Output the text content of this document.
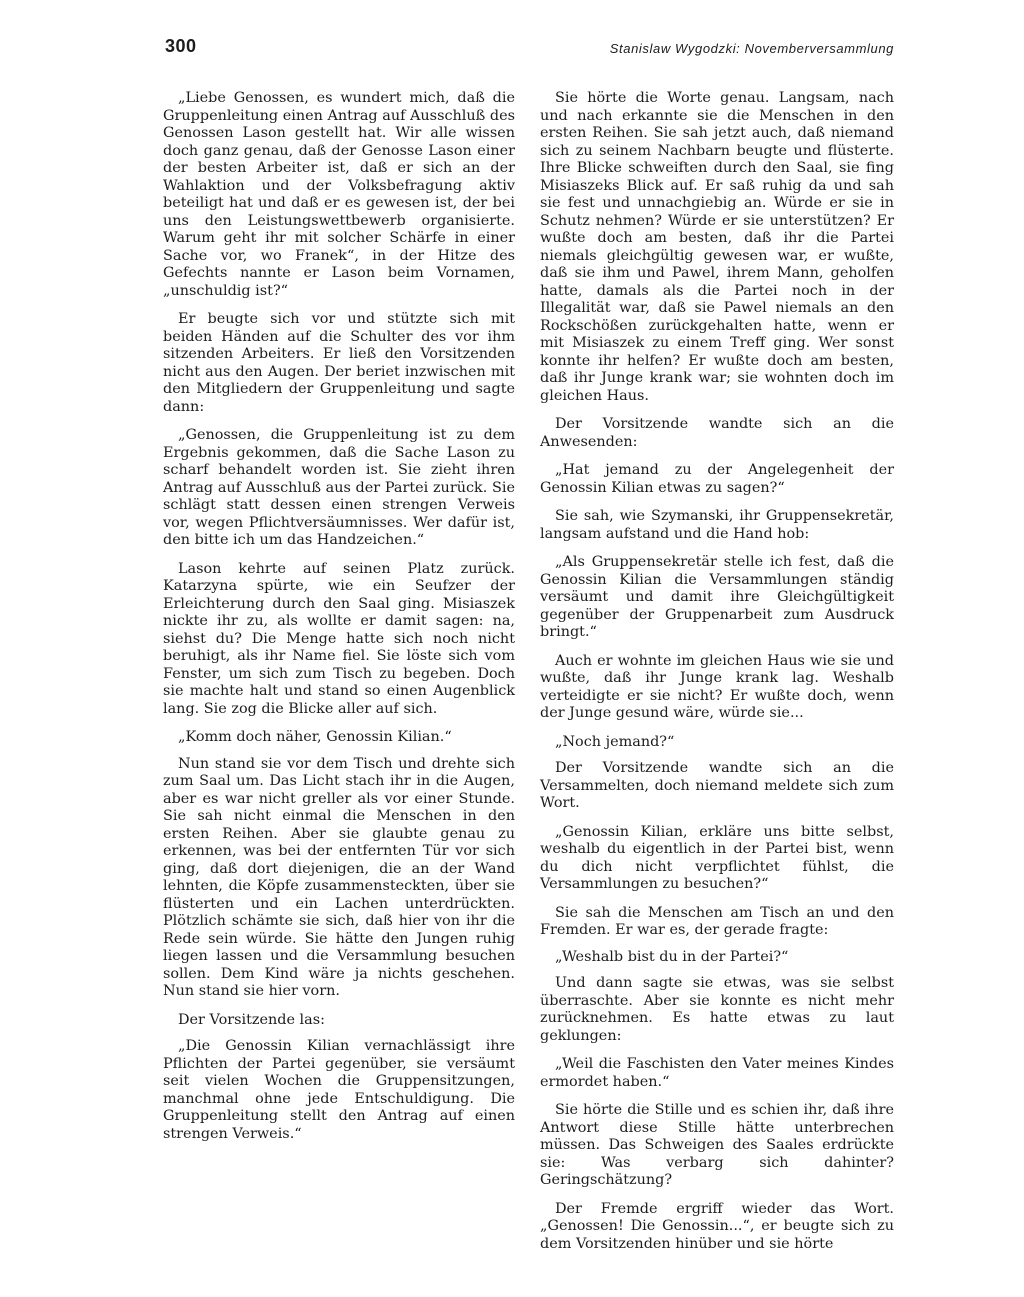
300	Stanislaw Wygodzki: Novemberversammlung

„Liebe Genossen, es wundert mich, daß die Gruppenleitung einen Antrag auf Ausschluß des Genossen Lason gestellt hat. Wir alle wissen doch ganz genau, daß der Genosse Lason einer der besten Arbeiter ist, daß er sich an der Wahlaktion und der Volksbefragung aktiv beteiligt hat und daß er es gewesen ist, der bei uns den Leistungswettbewerb organisierte. Warum geht ihr mit solcher Schärfe in einer Sache vor, wo Franek“, in der Hitze des Gefechts nannte er Lason beim Vornamen, „unschuldig ist?“

Er beugte sich vor und stützte sich mit beiden Händen auf die Schulter des vor ihm sitzenden Arbeiters. Er ließ den Vorsitzenden nicht aus den Augen. Der beriet inzwischen mit den Mitgliedern der Gruppenleitung und sagte dann:

„Genossen, die Gruppenleitung ist zu dem Ergebnis gekommen, daß die Sache Lason zu scharf behandelt worden ist. Sie zieht ihren Antrag auf Ausschluß aus der Partei zurück. Sie schlägt statt dessen einen strengen Verweis vor, wegen Pflichtversäumnisses. Wer dafür ist, den bitte ich um das Handzeichen.“

Lason kehrte auf seinen Platz zurück. Katarzyna spürte, wie ein Seufzer der Erleichterung durch den Saal ging. Misiaszek nickte ihr zu, als wollte er damit sagen: na, siehst du? Die Menge hatte sich noch nicht beruhigt, als ihr Name fiel. Sie löste sich vom Fenster, um sich zum Tisch zu begeben. Doch sie machte halt und stand so einen Augenblick lang. Sie zog die Blicke aller auf sich.

„Komm doch näher, Genossin Kilian.“

Nun stand sie vor dem Tisch und drehte sich zum Saal um. Das Licht stach ihr in die Augen, aber es war nicht greller als vor einer Stunde. Sie sah nicht einmal die Menschen in den ersten Reihen. Aber sie glaubte genau zu erkennen, was bei der entfernten Tür vor sich ging, daß dort diejenigen, die an der Wand lehnten, die Köpfe zusammensteckten, über sie flüsterten und ein Lachen unterdrückten. Plötzlich schämte sie sich, daß hier von ihr die Rede sein würde. Sie hätte den Jungen ruhig liegen lassen und die Versammlung besuchen sollen. Dem Kind wäre ja nichts geschehen. Nun stand sie hier vorn.

Der Vorsitzende las:

„Die Genossin Kilian vernachlässigt ihre Pflichten der Partei gegenüber, sie versäumt seit vielen Wochen die Gruppensitzungen, manchmal ohne jede Entschuldigung. Die Gruppenleitung stellt den Antrag auf einen strengen Verweis.“

Sie hörte die Worte genau. Langsam, nach und nach erkannte sie die Menschen in den ersten Reihen. Sie sah jetzt auch, daß niemand sich zu seinem Nachbarn beugte und flüsterte. Ihre Blicke schweiften durch den Saal, sie fing Misiaszeks Blick auf. Er saß ruhig da und sah sie fest und unnachgiebig an. Würde er sie in Schutz nehmen? Würde er sie unterstützen? Er wußte doch am besten, daß ihr die Partei niemals gleichgültig gewesen war, er wußte, daß sie ihm und Pawel, ihrem Mann, geholfen hatte, damals als die Partei noch in der Illegalität war, daß sie Pawel niemals an den Rockschößen zurückgehalten hatte, wenn er mit Misiaszek zu einem Treff ging. Wer sonst konnte ihr helfen? Er wußte doch am besten, daß ihr Junge krank war; sie wohnten doch im gleichen Haus.

Der Vorsitzende wandte sich an die Anwesenden:

„Hat jemand zu der Angelegenheit der Genossin Kilian etwas zu sagen?“

Sie sah, wie Szymanski, ihr Gruppensekretär, langsam aufstand und die Hand hob:

„Als Gruppensekretär stelle ich fest, daß die Genossin Kilian die Versammlungen ständig versäumt und damit ihre Gleichgültigkeit gegenüber der Gruppenarbeit zum Ausdruck bringt.“

Auch er wohnte im gleichen Haus wie sie und wußte, daß ihr Junge krank lag. Weshalb verteidigte er sie nicht? Er wußte doch, wenn der Junge gesund wäre, würde sie...

„Noch jemand?“

Der Vorsitzende wandte sich an die Versammelten, doch niemand meldete sich zum Wort.

„Genossin Kilian, erkläre uns bitte selbst, weshalb du eigentlich in der Partei bist, wenn du dich nicht verpflichtet fühlst, die Versammlungen zu besuchen?“

Sie sah die Menschen am Tisch an und den Fremden. Er war es, der gerade fragte:

„Weshalb bist du in der Partei?“

Und dann sagte sie etwas, was sie selbst überraschte. Aber sie konnte es nicht mehr zurücknehmen. Es hatte etwas zu laut geklungen:

„Weil die Faschisten den Vater meines Kindes ermordet haben.“

Sie hörte die Stille und es schien ihr, daß ihre Antwort diese Stille hätte unterbrechen müssen. Das Schweigen des Saales erdrückte sie: Was verbarg sich dahinter? Geringschätzung?

Der Fremde ergriff wieder das Wort. „Genossen! Die Genossin...“, er beugte sich zu dem Vorsitzenden hinüber und sie hörte
